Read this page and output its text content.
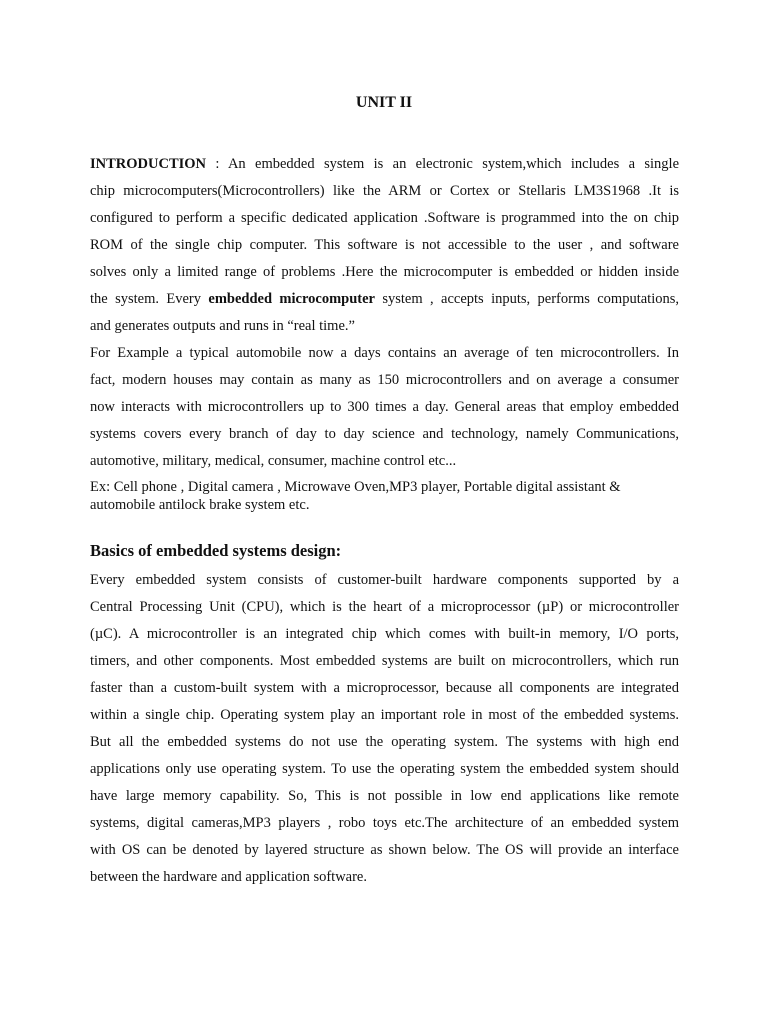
UNIT II

INTRODUCTION : An embedded system is an electronic system,which includes a single

chip microcomputers(Microcontrollers) like the ARM or Cortex or Stellaris LM3S1968 .It is

configured to perform a specific dedicated application .Software is programmed into the on chip

ROM of the single chip computer. This software is not accessible to the user , and software

solves only a limited range of problems .Here the microcomputer is embedded or hidden inside

the system. Every embedded microcomputer system , accepts inputs, performs computations,

and generates outputs and runs in “real time.”

For Example a typical automobile now a days contains an average of ten microcontrollers. In

fact, modern houses may contain as many as 150 microcontrollers and on average a consumer

now interacts with microcontrollers up to 300 times a day. General areas that employ embedded

systems covers every branch of day to day science and technology, namely Communications,

automotive, military, medical, consumer, machine control etc...

Ex: Cell phone , Digital camera , Microwave Oven,MP3 player, Portable digital assistant &

automobile antilock brake system etc.

Basics of embedded systems design:

Every embedded system consists of customer-built hardware components supported by a

Central Processing Unit (CPU), which is the heart of a microprocessor (µP) or microcontroller

(µC). A microcontroller is an integrated chip which comes with built-in memory, I/O ports,

timers, and other components. Most embedded systems are built on microcontrollers, which run

faster than a custom-built system with a microprocessor, because all components are integrated

within a single chip. Operating system play an important role in most of the embedded systems.

But all the embedded systems do not use the operating system. The systems with high end

applications only use operating system. To use the operating system the embedded system should

have large memory capability. So, This is not possible in low end applications like remote

systems, digital cameras,MP3 players , robo toys etc.The architecture of an embedded system

with OS can be denoted by layered structure as shown below. The OS will provide an interface

between the hardware and application software.
